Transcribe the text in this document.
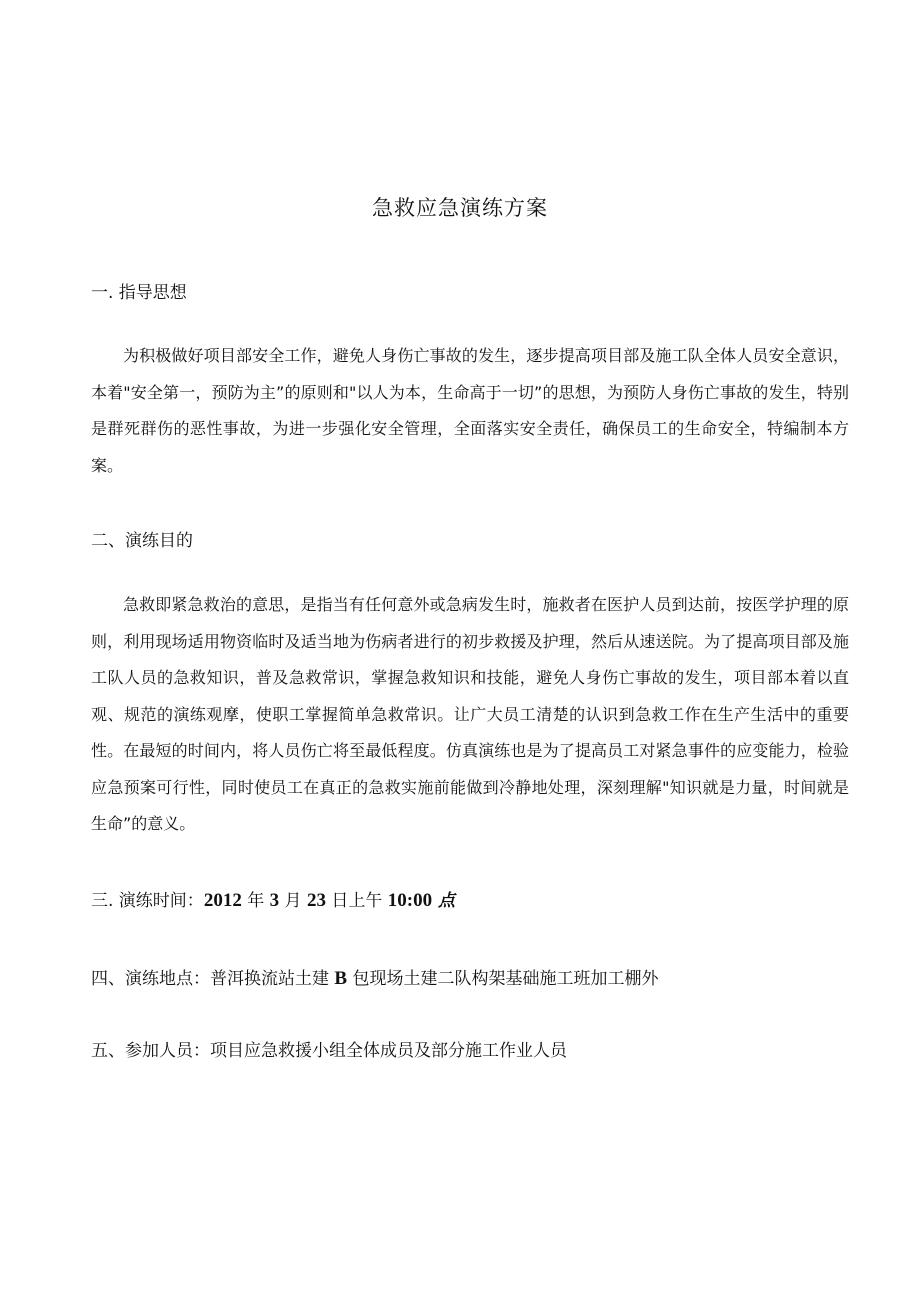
急救应急演练方案
一. 指导思想

为积极做好项目部安全工作，避免人身伤亡事故的发生，逐步提高项目部及施工队全体人员安全意识，本着"安全第一，预防为主”的原则和"以人为本，生命高于一切”的思想，为预防人身伤亡事故的发生，特别是群死群伤的恶性事故，为进一步强化安全管理，全面落实安全责任，确保员工的生命安全，特编制本方案。

二、演练目的

急救即紧急救治的意思，是指当有任何意外或急病发生时，施救者在医护人员到达前，按医学护理的原则，利用现场适用物资临时及适当地为伤病者进行的初步救援及护理，然后从速送院。为了提高项目部及施工队人员的急救知识，普及急救常识，掌握急救知识和技能，避免人身伤亡事故的发生，项目部本着以直观、规范的演练观摩，使职工掌握简单急救常识。让广大员工清楚的认识到急救工作在生产生活中的重要性。在最短的时间内，将人员伤亡将至最低程度。仿真演练也是为了提高员工对紧急事件的应变能力，检验应急预案可行性，同时使员工在真正的急救实施前能做到冷静地处理，深刻理解"知识就是力量，时间就是生命”的意义。

三. 演练时间：2012 年 3 月 23 日上午 10:00 点
四、演练地点：普洱换流站土建 B 包现场土建二队构架基础施工班加工棚外
五、参加人员：项目应急救援小组全体成员及部分施工作业人员
